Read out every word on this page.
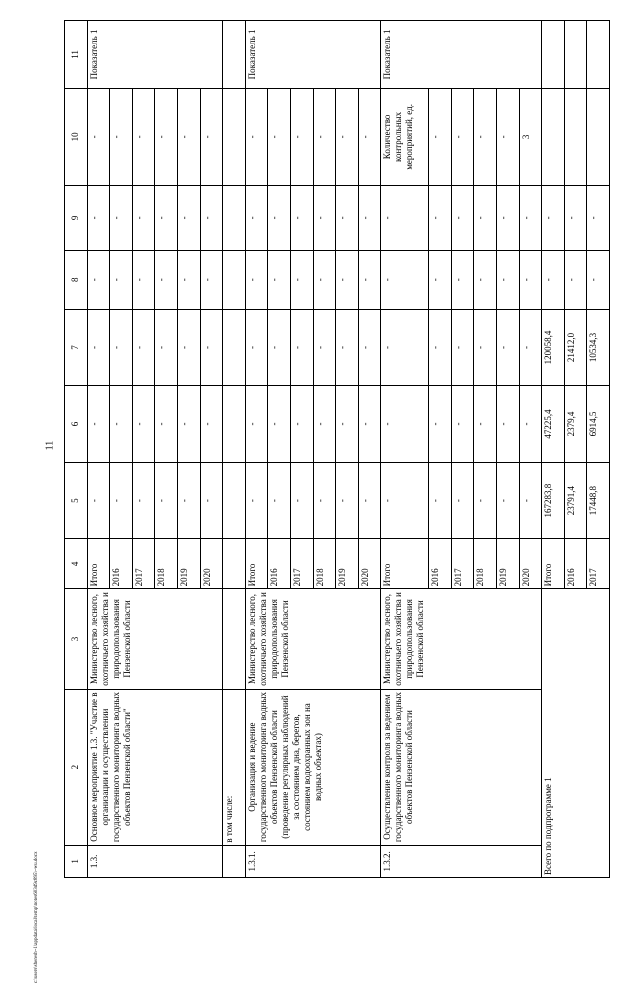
11
c:\users\sheresh~1\appdata\local\temp\notes603d9c895\~wu.docx	1	2	3	4	5	6	7	8	9	10	11
1.3.	Основное мероприятие 1.3. "Участие в организации и осуществлении государственного мониторинга водных объектов Пензенской области"	Министерство лесного, охотничьего хозяйства и природопользования Пензенской области	Итого	-	-	-	-	-	-	Показатель 1
			2016	-	-	-	-	-	-	
			2017	-	-	-	-	-	-	
			2018	-	-	-	-	-	-	
			2019	-	-	-	-	-	-	
			2020	-	-	-	-	-	-	
	в том числе:									
1.3.1.	Организация и ведение государственного мониторинга водных объектов Пензенской области (проведение регулярных наблюдений за состоянием дна, берегов, состоянием водоохранных зон на водных объектах)	Министерство лесного, охотничьего хозяйства и природопользования Пензенской области	Итого	-	-	-	-	-	-	Показатель 1
			2016	-	-	-	-	-	-	
			2017	-	-	-	-	-	-	
			2018	-	-	-	-	-	-	
			2019	-	-	-	-	-	-	
			2020	-	-	-	-	-	-	
1.3.2.	Осуществление контроля за ведением государственного мониторинга водных объектов Пензенской области	Министерство лесного, охотничьего хозяйства и природопользования Пензенской области	Итого	-	-	-	-	-	Количество контрольных мероприятий, ед.	Показатель 1
			2016	-	-	-	-	-	-	
			2017	-	-	-	-	-	-	
			2018	-	-	-	-	-	-	
			2019	-	-	-	-	-	-	
			2020	-	-	-	-	-	3	
Всего по подпрограмме 1			Итого	167283,8	47225,4	120058,4	-	-		
			2016	23791,4	2379,4	21412,0	-	-		
			2017	17448,8	6914,5	10534,3	-	-		
